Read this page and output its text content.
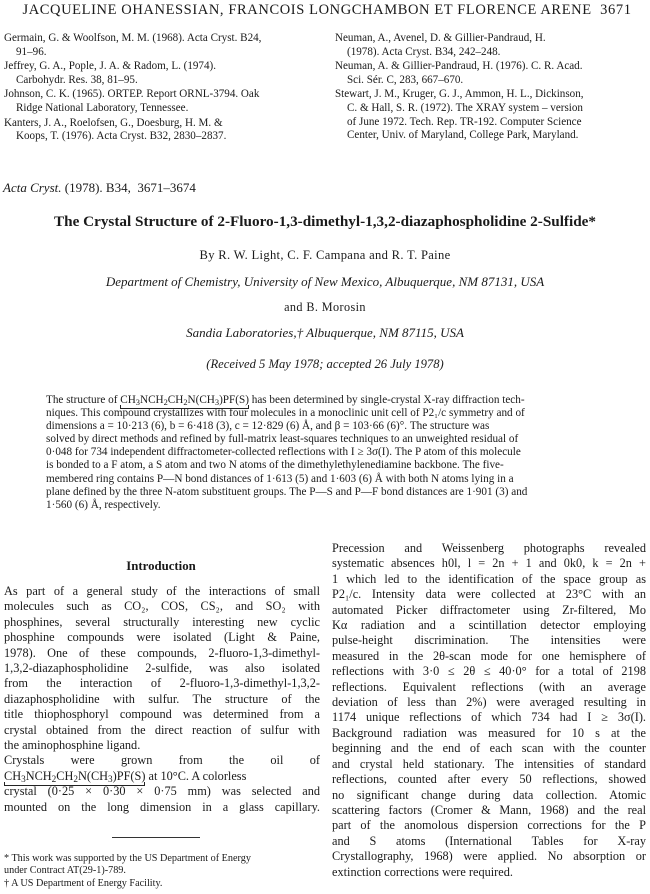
JACQUELINE OHANESSIAN, FRANCOIS LONGCHAMBON ET FLORENCE ARENE 3671
Germain, G. & Woolfson, M. M. (1968). Acta Cryst. B24,
91–96.
Jeffrey, G. A., Pople, J. A. & Radom, L. (1974).
Carbohydr. Res. 38, 81–95.
Johnson, C. K. (1965). ORTEP. Report ORNL-3794. Oak
Ridge National Laboratory, Tennessee.
Kanters, J. A., Roelofsen, G., Doesburg, H. M. &
Koops, T. (1976). Acta Cryst. B32, 2830–2837.
Neuman, A., Avenel, D. & Gillier-Pandraud, H.
(1978). Acta Cryst. B34, 242–248.
Neuman, A. & Gillier-Pandraud, H. (1976). C. R. Acad.
Sci. Sér. C, 283, 667–670.
Stewart, J. M., Kruger, G. J., Ammon, H. L., Dickinson,
C. & Hall, S. R. (1972). The XRAY system – version
of June 1972. Tech. Rep. TR-192. Computer Science
Center, Univ. of Maryland, College Park, Maryland.
Acta Cryst. (1978). B34, 3671–3674
The Crystal Structure of 2-Fluoro-1,3-dimethyl-1,3,2-diazaphospholidine 2-Sulfide*
By R. W. Light, C. F. Campana and R. T. Paine
Department of Chemistry, University of New Mexico, Albuquerque, NM 87131, USA
and B. Morosin
Sandia Laboratories,† Albuquerque, NM 87115, USA
(Received 5 May 1978; accepted 26 July 1978)
The structure of $CH_3NCH_2CH_2N(CH_3)PF(S)$ has been determined by single-crystal X-ray diffraction tech-
niques. This compound crystallizes with four molecules in a monoclinic unit cell of P2₁/c symmetry and of
dimensions a = 10·213 (6), b = 6·418 (3), c = 12·829 (6) Å, and β = 103·66 (6)°. The structure was
solved by direct methods and refined by full-matrix least-squares techniques to an unweighted residual of
0·048 for 734 independent diffractometer-collected reflections with I ≥ 3σ(I). The P atom of this molecule
is bonded to a F atom, a S atom and two N atoms of the dimethylethylenediamine backbone. The five-
membered ring contains P—N bond distances of 1·613 (5) and 1·603 (6) Å with both N atoms lying in a
plane defined by the three N-atom substituent groups. The P—S and P—F bond distances are 1·901 (3) and
1·560 (6) Å, respectively.
Introduction
As part of a general study of the interactions of small
molecules such as CO₂, COS, CS₂, and SO₂ with
phosphines, several structurally interesting new cyclic
phosphine compounds were isolated (Light & Paine,
1978). One of these compounds, 2-fluoro-1,3-dimethyl-
1,3,2-diazaphospholidine 2-sulfide, was also isolated
from the interaction of 2-fluoro-1,3-dimethyl-1,3,2-
diazaphospholidine with sulfur. The structure of the
title thiophosphoryl compound was determined from a
crystal obtained from the direct reaction of sulfur with
the aminophosphine ligand.
Crystals   were   grown   from   the   oil   of
$CH_3NCH_2CH_2N(CH_3)PF(S)$ at 10°C. A colorless
crystal (0·25 × 0·30 × 0·75 mm) was selected and
mounted on the long dimension in a glass capillary.
* This work was supported by the US Department of Energy
under Contract AT(29-1)-789.
† A US Department of Energy Facility.
Precession and Weissenberg photographs revealed
systematic absences h0l, l = 2n + 1 and 0k0, k = 2n +
1 which led to the identification of the space group as
P2₁/c. Intensity data were collected at 23°C with an
automated Picker diffractometer using Zr-filtered, Mo
Kα radiation and a scintillation detector employing
pulse-height discrimination. The intensities were
measured in the 2θ-scan mode for one hemisphere of
reflections with 3·0 ≤ 2θ ≤ 40·0° for a total of 2198
reflections. Equivalent reflections (with an average
deviation of less than 2%) were averaged resulting in
1174 unique reflections of which 734 had I ≥ 3σ(I).
Background radiation was measured for 10 s at the
beginning and the end of each scan with the counter
and crystal held stationary. The intensities of standard
reflections, counted after every 50 reflections, showed
no significant change during data collection. Atomic
scattering factors (Cromer & Mann, 1968) and the real
part of the anomolous dispersion corrections for the P
and S atoms (International Tables for X-ray
Crystallography, 1968) were applied. No absorption or
extinction corrections were required.
